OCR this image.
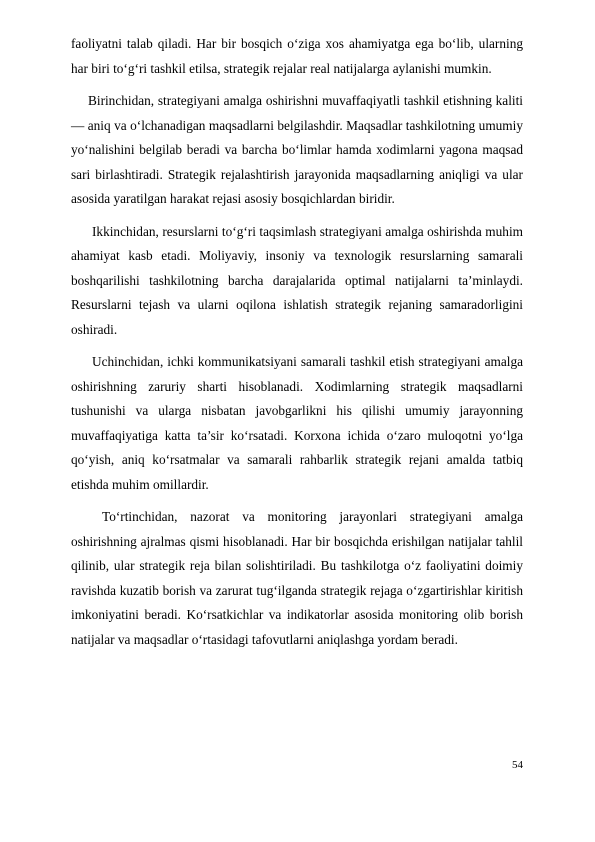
faoliyatni talab qiladi. Har bir bosqich o‘ziga xos ahamiyatga ega bo‘lib, ularning har biri to‘g‘ri tashkil etilsa, strategik rejalar real natijalarga aylanishi mumkin.

Birinchidan, strategiyani amalga oshirishni muvaffaqiyatli tashkil etishning kaliti — aniq va o‘lchanadigan maqsadlarni belgilashdir. Maqsadlar tashkilotning umumiy yo‘nalishini belgilab beradi va barcha bo‘limlar hamda xodimlarni yagona maqsad sari birlashtiradi. Strategik rejalashtirish jarayonida maqsadlarning aniqligi va ular asosida yaratilgan harakat rejasi asosiy bosqichlardan biridir.

Ikkinchidan, resurslarni to‘g‘ri taqsimlash strategiyani amalga oshirishda muhim ahamiyat kasb etadi. Moliyaviy, insoniy va texnologik resurslarning samarali boshqarilishi tashkilotning barcha darajalarida optimal natijalarni ta’minlaydi. Resurslarni tejash va ularni oqilona ishlatish strategik rejaning samaradorligini oshiradi.

Uchinchidan, ichki kommunikatsiyani samarali tashkil etish strategiyani amalga oshirishning zaruriy sharti hisoblanadi. Xodimlarning strategik maqsadlarni tushunishi va ularga nisbatan javobgarlikni his qilishi umumiy jarayonning muvaffaqiyatiga katta ta’sir ko‘rsatadi. Korxona ichida o‘zaro muloqotni yo‘lga qo‘yish, aniq ko‘rsatmalar va samarali rahbarlik strategik rejani amalda tatbiq etishda muhim omillardir.

To‘rtinchidan, nazorat va monitoring jarayonlari strategiyani amalga oshirishning ajralmas qismi hisoblanadi. Har bir bosqichda erishilgan natijalar tahlil qilinib, ular strategik reja bilan solishtiriladi. Bu tashkilotga o‘z faoliyatini doimiy ravishda kuzatib borish va zarurat tug‘ilganda strategik rejaga o‘zgartirishlar kiritish imkoniyatini beradi. Ko‘rsatkichlar va indikatorlar asosida monitoring olib borish natijalar va maqsadlar o‘rtasidagi tafovutlarni aniqlashga yordam beradi.

54
